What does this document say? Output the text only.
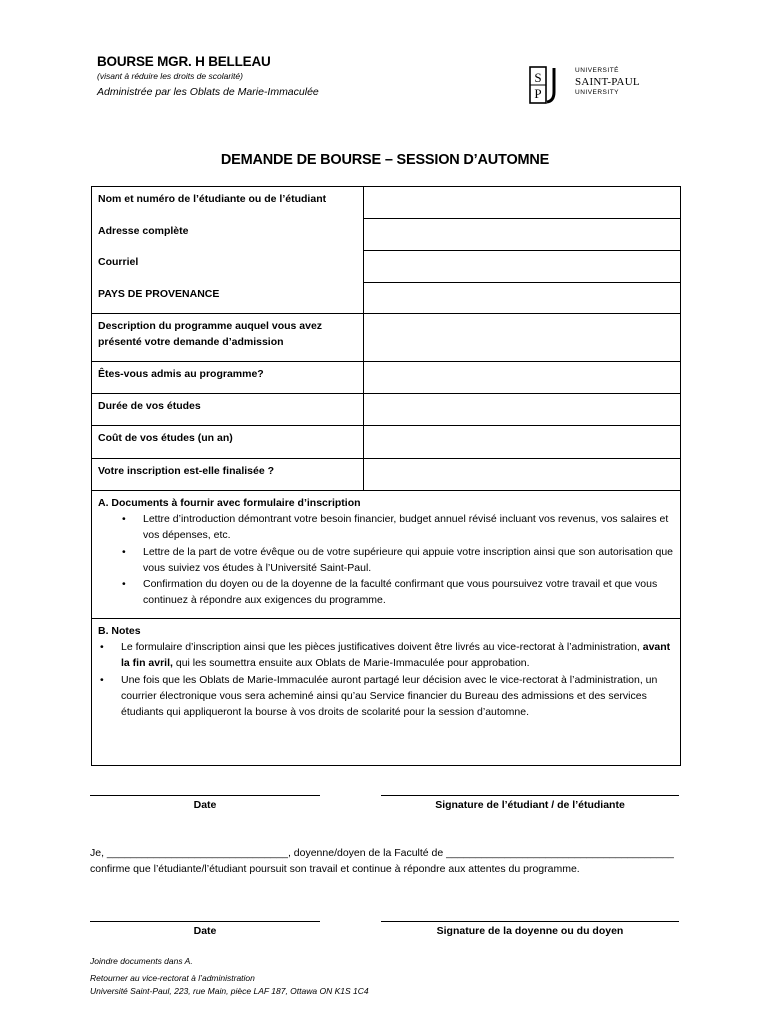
BOURSE MGR. H BELLEAU
(visant à réduire les droits de scolarité)
Administrée par les Oblats de Marie-Immaculée
S
P
UNIVERSITÉ
SAINT-PAUL
UNIVERSITY
DEMANDE DE BOURSE – SESSION D’AUTOMNE
Nom et numéro de l’étudiante ou de l’étudiant
Adresse complète
Courriel
PAYS DE PROVENANCE
Description du programme auquel vous avez
présenté votre demande d’admission
Êtes-vous admis au programme?
Durée de vos études
Coût de vos études (un an)
Votre inscription est-elle finalisée ?
A. Documents à fournir avec formulaire d’inscription
• Lettre d’introduction démontrant votre besoin financier, budget annuel révisé incluant vos revenus, vos salaires et vos dépenses, etc.
• Lettre de la part de votre évêque ou de votre supérieure qui appuie votre inscription ainsi que son autorisation que vous suiviez vos études à l’Université Saint-Paul.
• Confirmation du doyen ou de la doyenne de la faculté confirmant que vous poursuivez votre travail et que vous continuez à répondre aux exigences du programme.
B. Notes
• Le formulaire d’inscription ainsi que les pièces justificatives doivent être livrés au vice-rectorat à l’administration, avant la fin avril, qui les soumettra ensuite aux Oblats de Marie-Immaculée pour approbation.
• Une fois que les Oblats de Marie-Immaculée auront partagé leur décision avec le vice-rectorat à l’administration, un courrier électronique vous sera acheminé ainsi qu’au Service financier du Bureau des admissions et des services étudiants qui appliqueront la bourse à vos droits de scolarité pour la session d’automne.
Date	Signature de l’étudiant / de l’étudiante
Je, _______________________________, doyenne/doyen de la Faculté de _______________________________________
confirme que l’étudiante/l’étudiant poursuit son travail et continue à répondre aux attentes du programme.
Date	Signature de la doyenne ou du doyen
Joindre documents dans A.
Retourner au vice-rectorat à l’administration
Université Saint-Paul, 223, rue Main, pièce LAF 187, Ottawa ON K1S 1C4
